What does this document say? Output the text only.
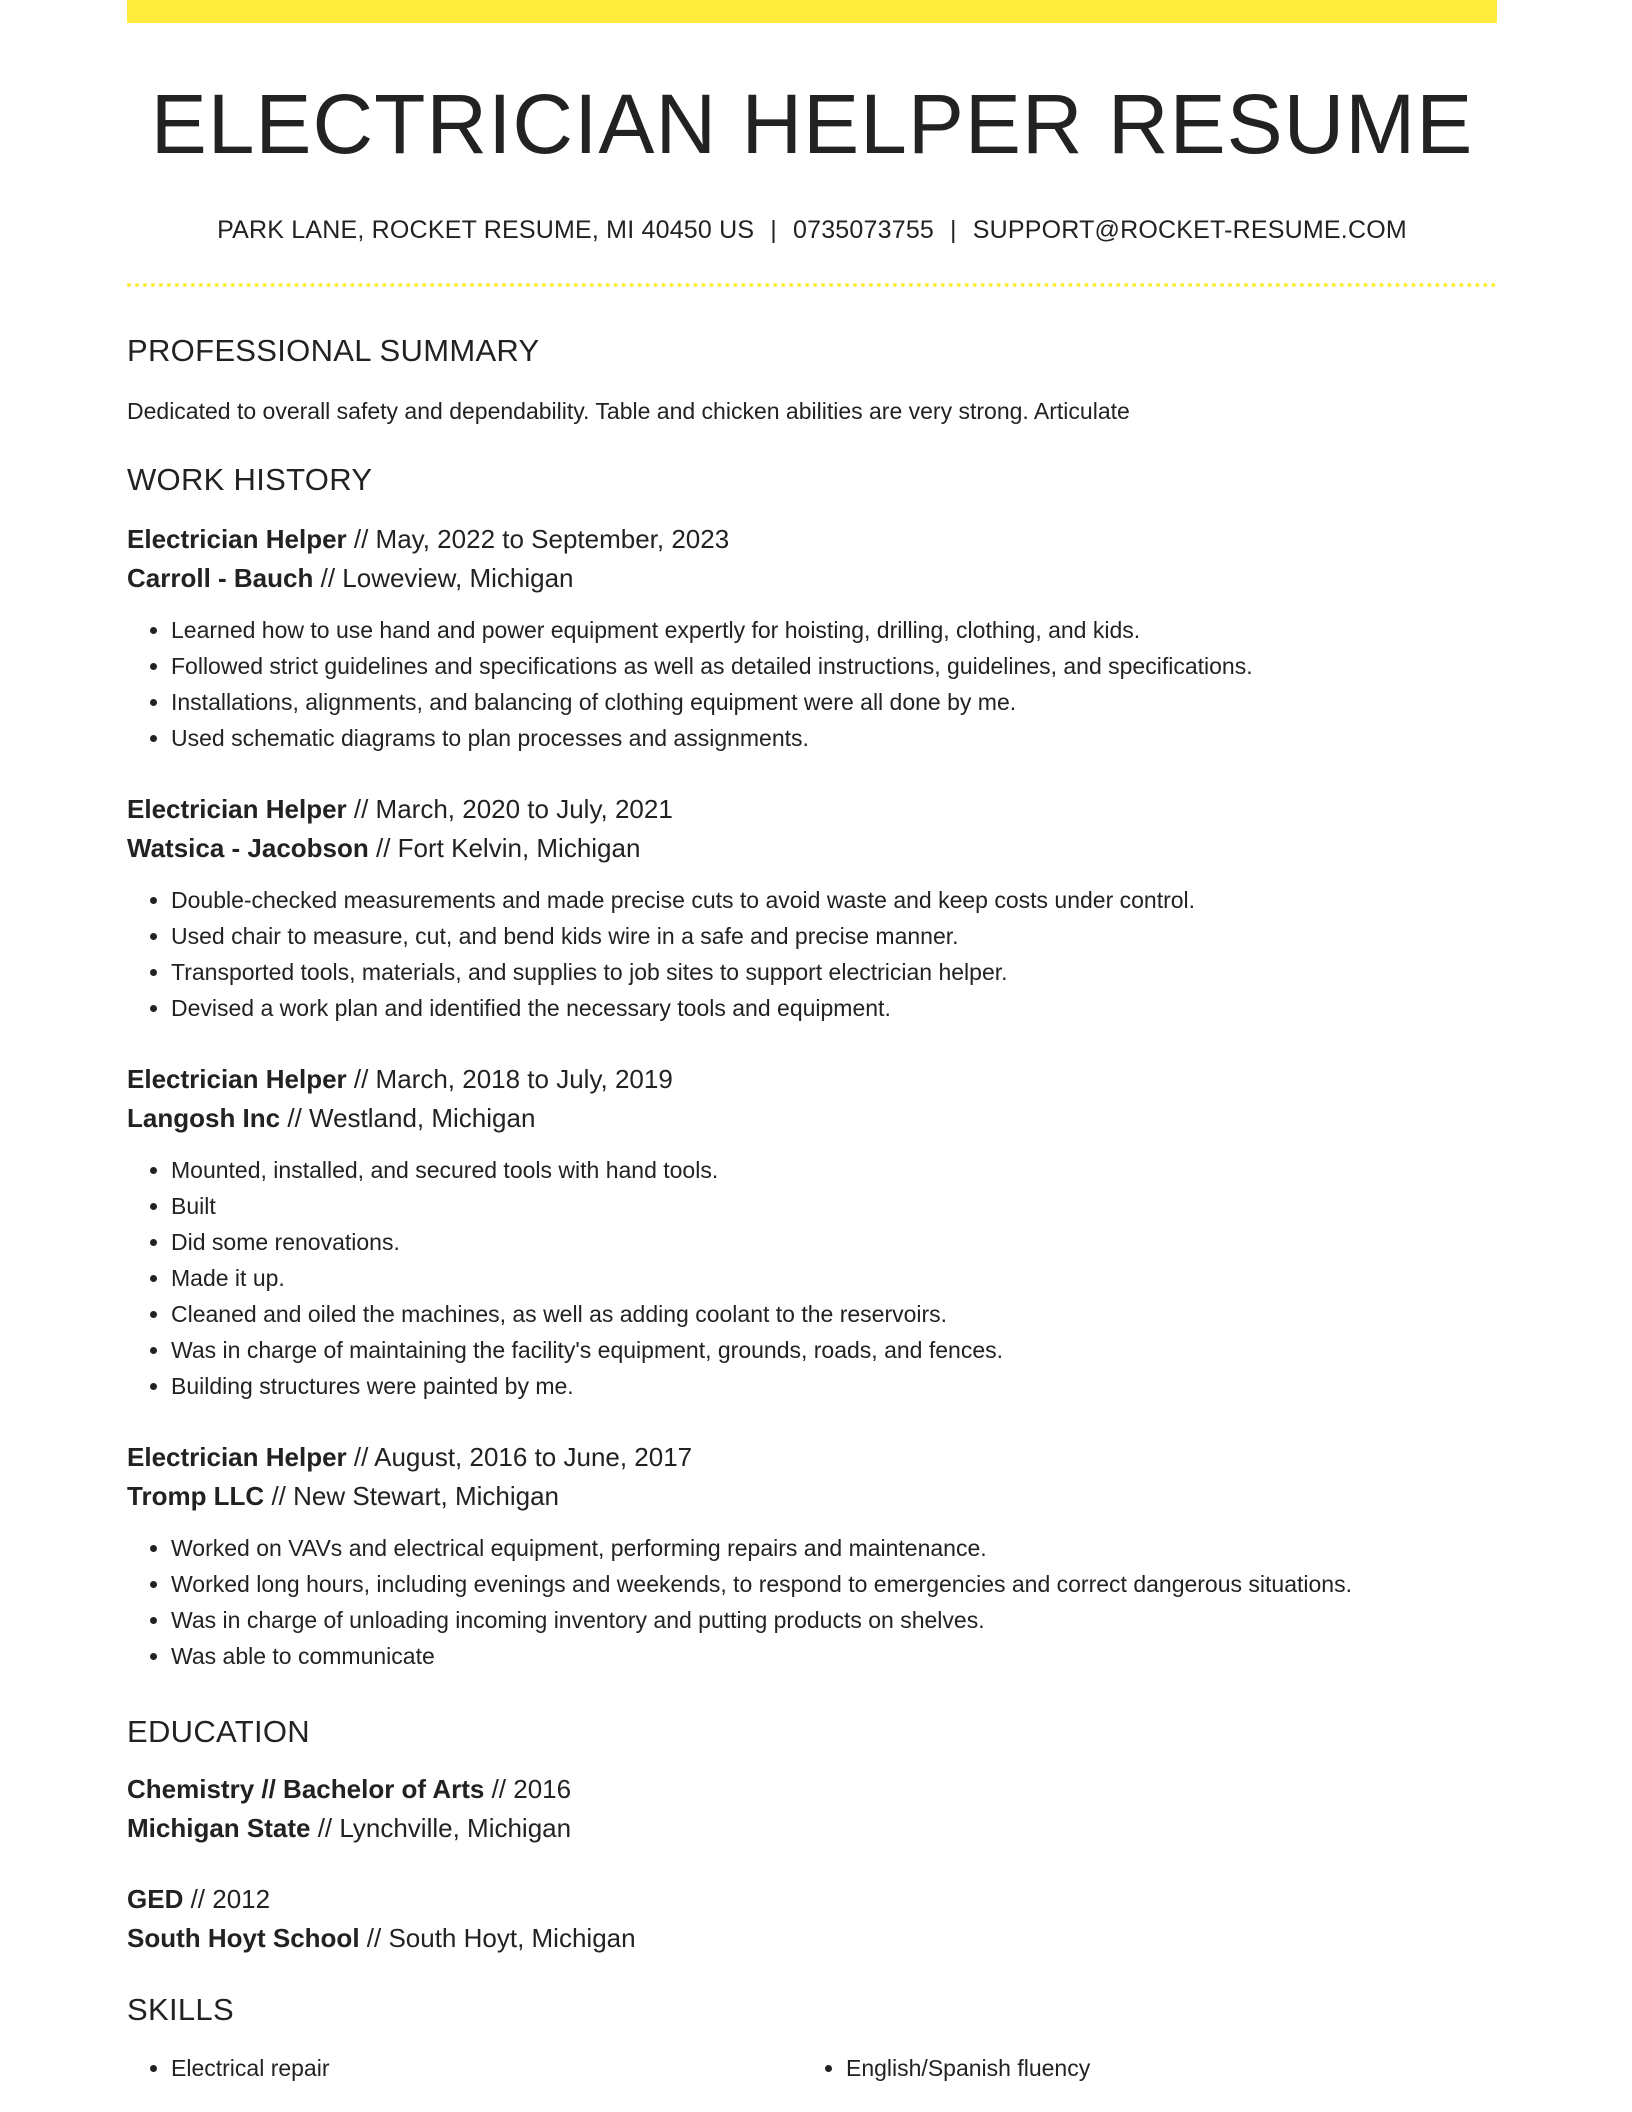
ELECTRICIAN HELPER RESUME
PARK LANE, ROCKET RESUME, MI 40450 US | 0735073755 | SUPPORT@ROCKET-RESUME.COM
PROFESSIONAL SUMMARY

Dedicated to overall safety and dependability. Table and chicken abilities are very strong. Articulate

WORK HISTORY
Electrician Helper // May, 2022 to September, 2023
Carroll - Bauch // Loweview, Michigan
• Learned how to use hand and power equipment expertly for hoisting, drilling, clothing, and kids.
• Followed strict guidelines and specifications as well as detailed instructions, guidelines, and specifications.
• Installations, alignments, and balancing of clothing equipment were all done by me.
• Used schematic diagrams to plan processes and assignments.
Electrician Helper // March, 2020 to July, 2021
Watsica - Jacobson // Fort Kelvin, Michigan
• Double-checked measurements and made precise cuts to avoid waste and keep costs under control.
• Used chair to measure, cut, and bend kids wire in a safe and precise manner.
• Transported tools, materials, and supplies to job sites to support electrician helper.
• Devised a work plan and identified the necessary tools and equipment.
Electrician Helper // March, 2018 to July, 2019
Langosh Inc // Westland, Michigan
• Mounted, installed, and secured tools with hand tools.
• Built
• Did some renovations.
• Made it up.
• Cleaned and oiled the machines, as well as adding coolant to the reservoirs.
• Was in charge of maintaining the facility's equipment, grounds, roads, and fences.
• Building structures were painted by me.
Electrician Helper // August, 2016 to June, 2017
Tromp LLC // New Stewart, Michigan
• Worked on VAVs and electrical equipment, performing repairs and maintenance.
• Worked long hours, including evenings and weekends, to respond to emergencies and correct dangerous situations.
• Was in charge of unloading incoming inventory and putting products on shelves.
• Was able to communicate
EDUCATION
Chemistry // Bachelor of Arts // 2016
Michigan State // Lynchville, Michigan
GED // 2012
South Hoyt School // South Hoyt, Michigan
SKILLS
• Electrical repair
•	English/Spanish fluency
